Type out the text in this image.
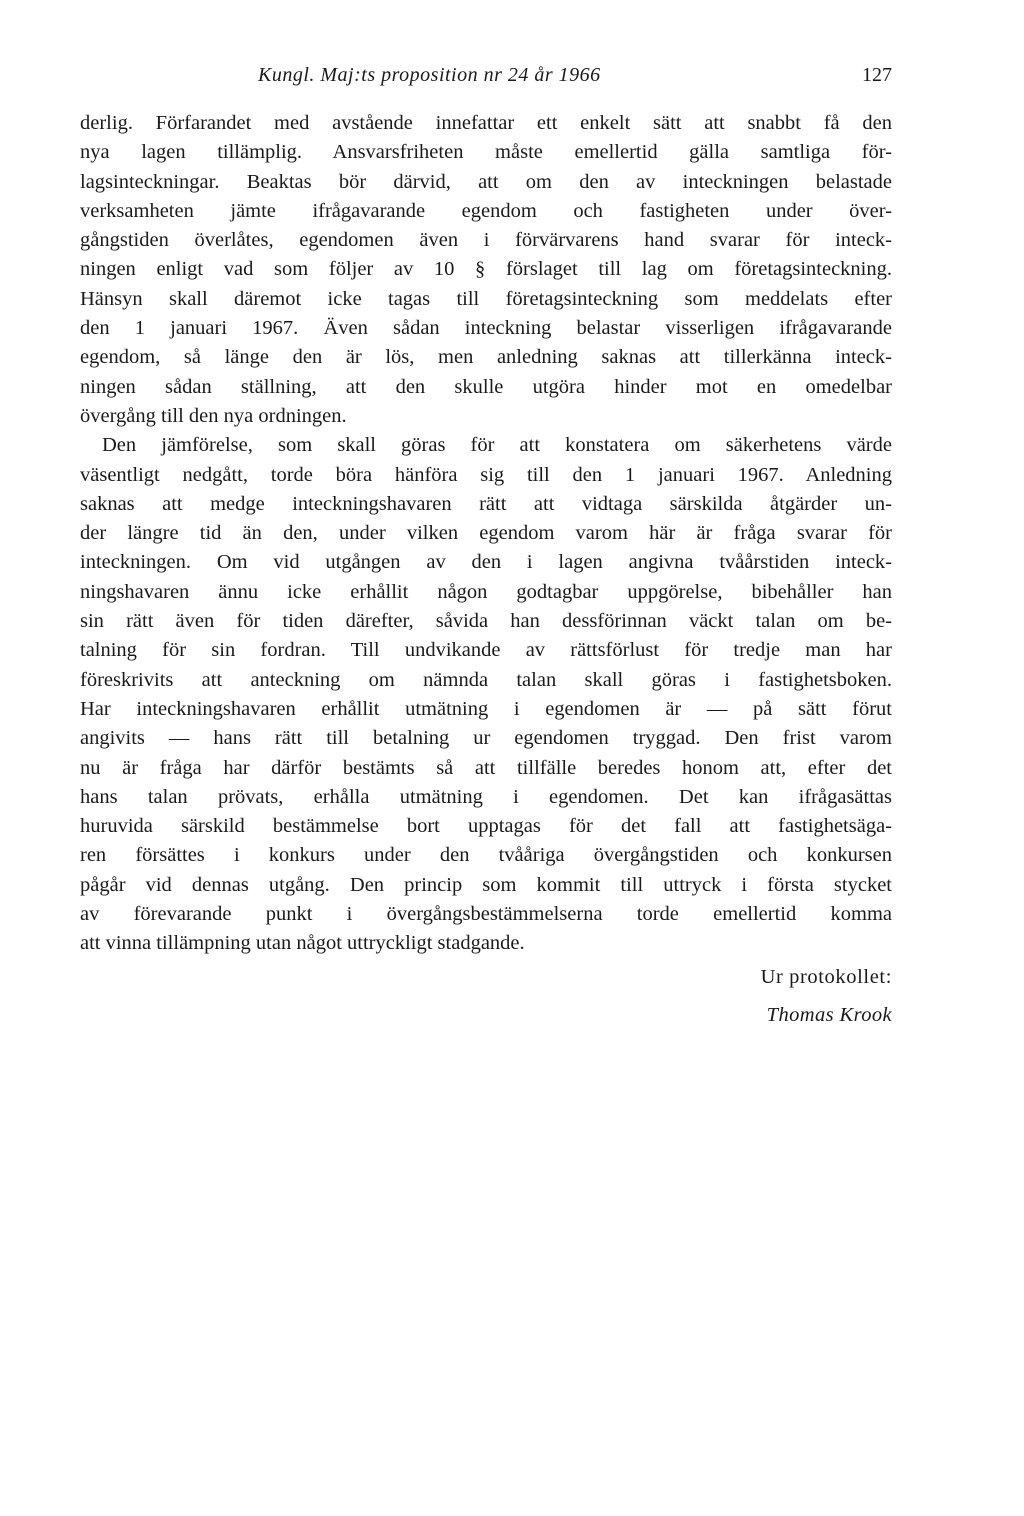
Kungl. Maj:ts proposition nr 24 år 1966	127
derlig. Förfarandet med avstående innefattar ett enkelt sätt att snabbt få den
nya lagen tillämplig. Ansvarsfriheten måste emellertid gälla samtliga för-
lagsinteckningar. Beaktas bör därvid, att om den av inteckningen belastade
verksamheten jämte ifrågavarande egendom och fastigheten under över-
gångstiden överlåtes, egendomen även i förvärvarens hand svarar för inteck-
ningen enligt vad som följer av 10 § förslaget till lag om företagsinteckning.
Hänsyn skall däremot icke tagas till företagsinteckning som meddelats efter
den 1 januari 1967. Även sådan inteckning belastar visserligen ifrågavarande
egendom, så länge den är lös, men anledning saknas att tillerkänna inteck-
ningen sådan ställning, att den skulle utgöra hinder mot en omedelbar
övergång till den nya ordningen.
Den jämförelse, som skall göras för att konstatera om säkerhetens värde
väsentligt nedgått, torde böra hänföra sig till den 1 januari 1967. Anledning
saknas att medge inteckningshavaren rätt att vidtaga särskilda åtgärder un-
der längre tid än den, under vilken egendom varom här är fråga svarar för
inteckningen. Om vid utgången av den i lagen angivna tvåårstiden inteck-
ningshavaren ännu icke erhållit någon godtagbar uppgörelse, bibehåller han
sin rätt även för tiden därefter, såvida han dessförinnan väckt talan om be-
talning för sin fordran. Till undvikande av rättsförlust för tredje man har
föreskrivits att anteckning om nämnda talan skall göras i fastighetsboken.
Har inteckningshavaren erhållit utmätning i egendomen är — på sätt förut
angivits — hans rätt till betalning ur egendomen tryggad. Den frist varom
nu är fråga har därför bestämts så att tillfälle beredes honom att, efter det
hans talan prövats, erhålla utmätning i egendomen. Det kan ifrågasättas
huruvida särskild bestämmelse bort upptagas för det fall att fastighetsäga-
ren försättes i konkurs under den tvååriga övergångstiden och konkursen
pågår vid dennas utgång. Den princip som kommit till uttryck i första stycket
av förevarande punkt i övergångsbestämmelserna torde emellertid komma
att vinna tillämpning utan något uttryckligt stadgande.
Ur protokollet:
Thomas Krook
